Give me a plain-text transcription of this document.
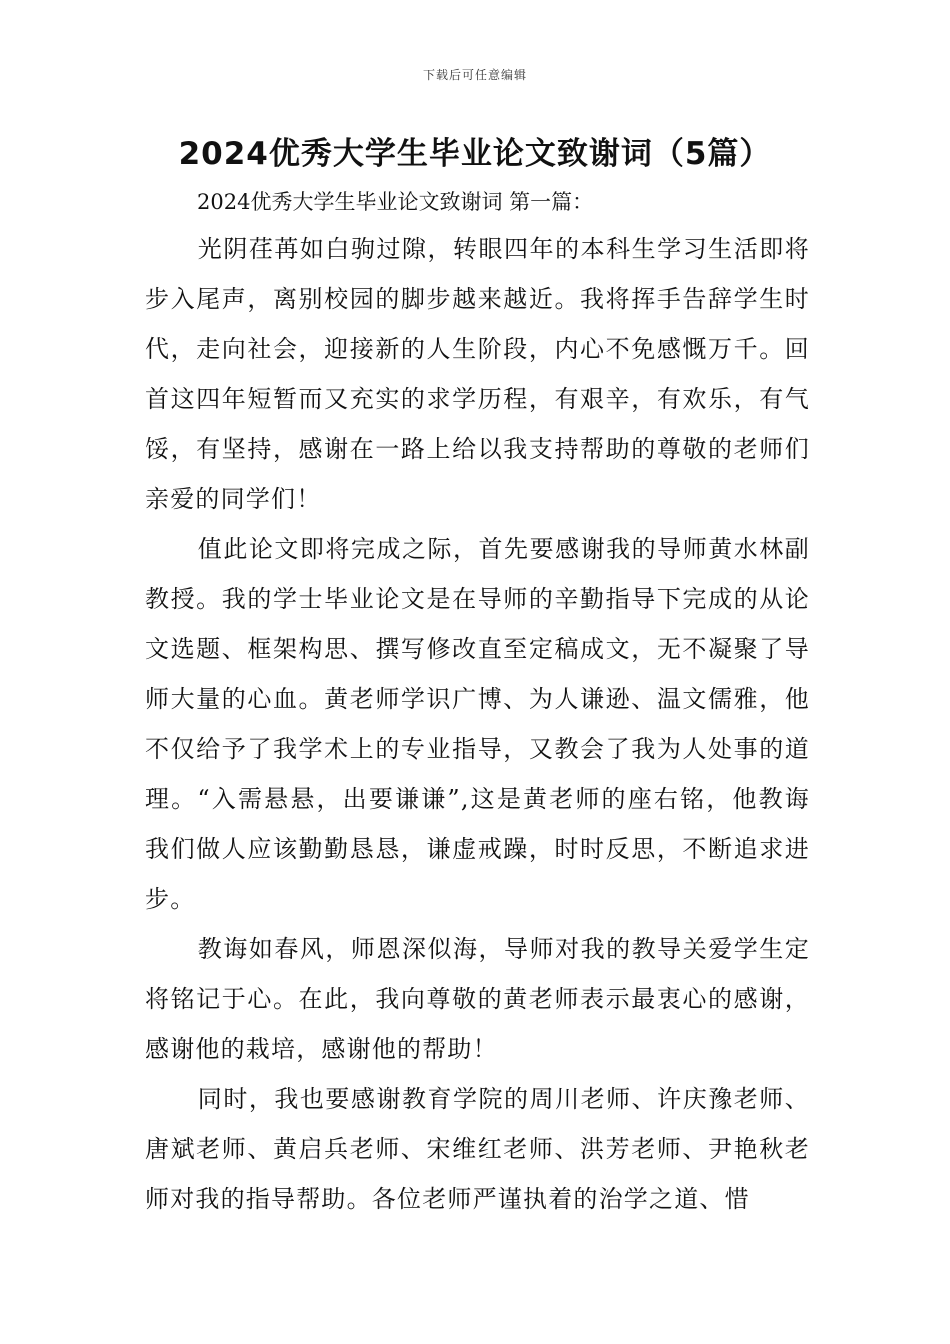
下载后可任意编辑
2024优秀大学生毕业论文致谢词（5篇）
2024优秀大学生毕业论文致谢词 第一篇：

光阴荏苒如白驹过隙，转眼四年的本科生学习生活即将步入尾声，离别校园的脚步越来越近。我将挥手告辞学生时代，走向社会，迎接新的人生阶段，内心不免感慨万千。回首这四年短暂而又充实的求学历程，有艰辛，有欢乐，有气馁，有坚持，感谢在一路上给以我支持帮助的尊敬的老师们亲爱的同学们！

值此论文即将完成之际，首先要感谢我的导师黄水林副教授。我的学士毕业论文是在导师的辛勤指导下完成的从论文选题、框架构思、撰写修改直至定稿成文，无不凝聚了导师大量的心血。黄老师学识广博、为人谦逊、温文儒雅，他不仅给予了我学术上的专业指导，又教会了我为人处事的道理。“入需悬悬，出要谦谦”,这是黄老师的座右铭，他教诲我们做人应该勤勤恳恳，谦虚戒躁，时时反思，不断追求进步。

教诲如春风，师恩深似海，导师对我的教导关爱学生定将铭记于心。在此，我向尊敬的黄老师表示最衷心的感谢，感谢他的栽培，感谢他的帮助！

同时，我也要感谢教育学院的周川老师、许庆豫老师、唐斌老师、黄启兵老师、宋维红老师、洪芳老师、尹艳秋老师对我的指导帮助。各位老师严谨执着的治学之道、惜
